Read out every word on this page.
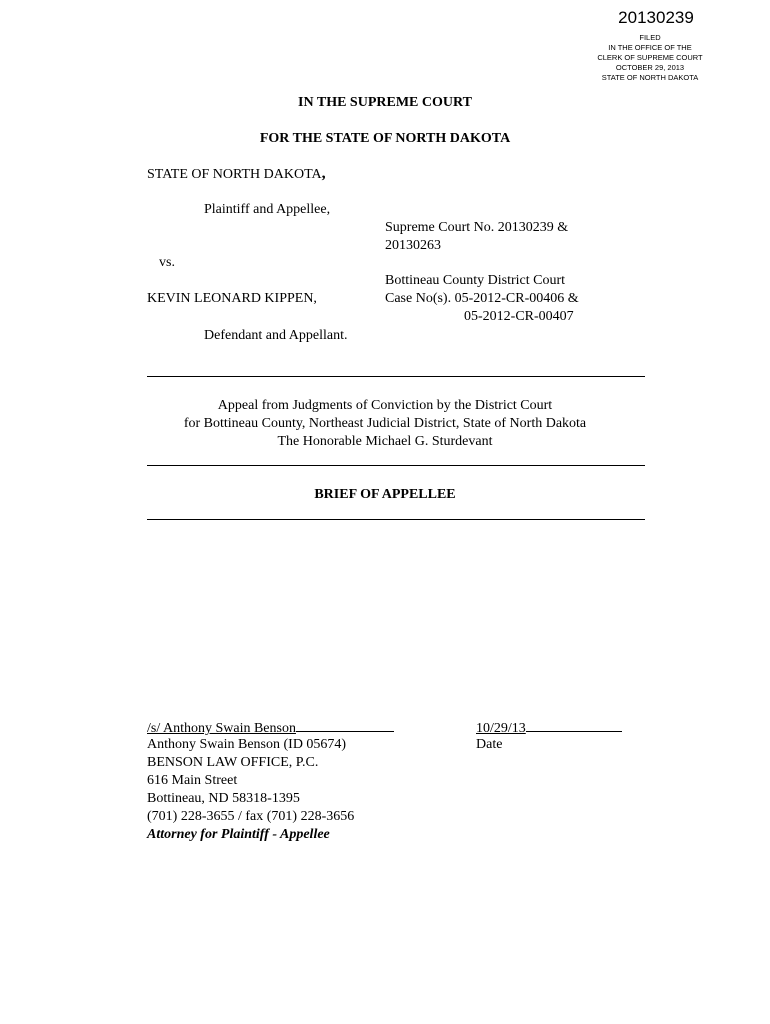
20130239
FILED
IN THE OFFICE OF THE
CLERK OF SUPREME COURT
OCTOBER 29, 2013
STATE OF NORTH DAKOTA
IN THE SUPREME COURT
FOR THE STATE OF NORTH DAKOTA
STATE OF NORTH DAKOTA,
Plaintiff and Appellee,
vs.
KEVIN LEONARD KIPPEN,
Defendant and Appellant.
Supreme Court No. 20130239 &
20130263
Bottineau County District Court
Case No(s). 05-2012-CR-00406 &
05-2012-CR-00407
Appeal from Judgments of Conviction by the District Court
for Bottineau County, Northeast Judicial District, State of North Dakota
The Honorable Michael G. Sturdevant
BRIEF OF APPELLEE
/s/ Anthony Swain Benson
Anthony Swain Benson (ID 05674)
BENSON LAW OFFICE, P.C.
616 Main Street
Bottineau, ND 58318-1395
(701) 228-3655 / fax (701) 228-3656
Attorney for Plaintiff - Appellee
10/29/13
Date
